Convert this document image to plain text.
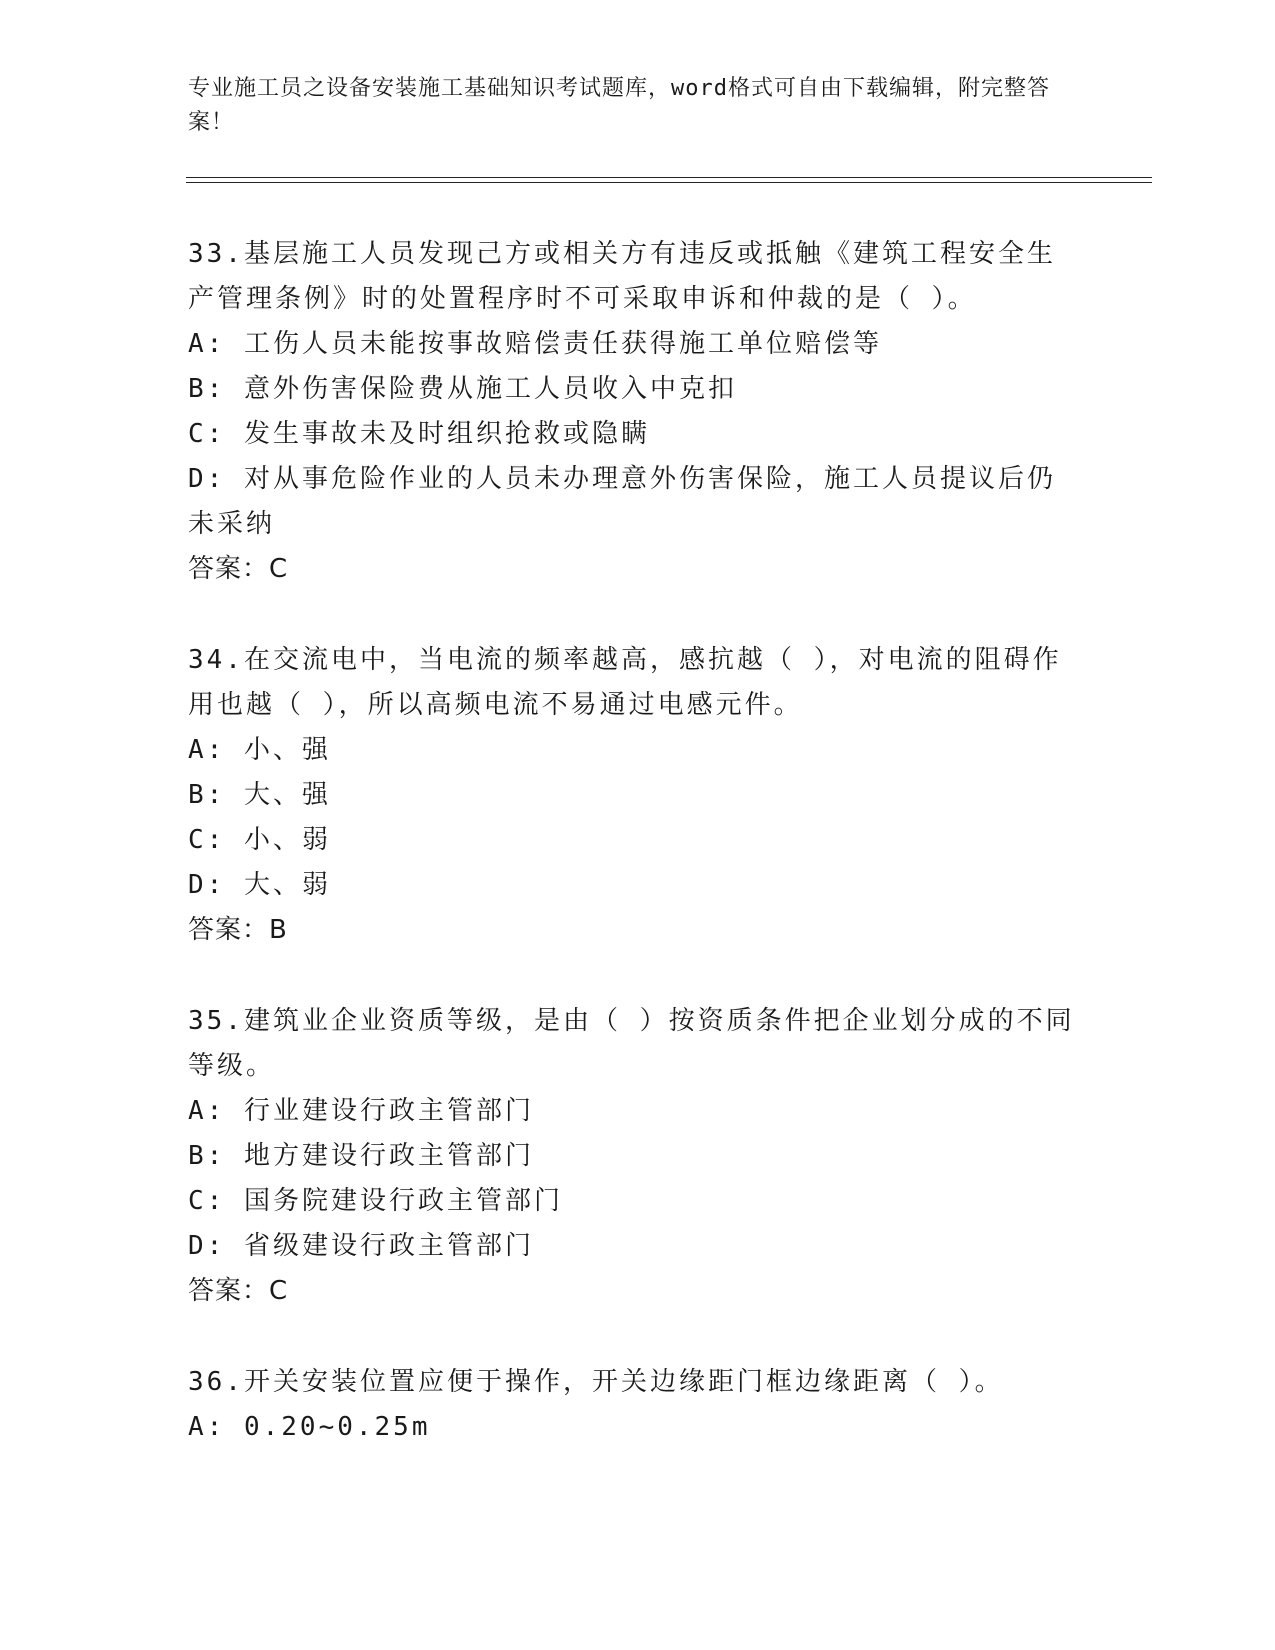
专业施工员之设备安装施工基础知识考试题库，word格式可自由下载编辑，附完整答案！

33.基层施工人员发现己方或相关方有违反或抵触《建筑工程安全生产管理条例》时的处置程序时不可采取申诉和仲裁的是（ ）。

A: 工伤人员未能按事故赔偿责任获得施工单位赔偿等

B: 意外伤害保险费从施工人员收入中克扣

C: 发生事故未及时组织抢救或隐瞒

D: 对从事危险作业的人员未办理意外伤害保险，施工人员提议后仍未采纳

答案：C

34.在交流电中，当电流的频率越高，感抗越（ ），对电流的阻碍作用也越（ ），所以高频电流不易通过电感元件。

A: 小、强

B: 大、强

C: 小、弱

D: 大、弱

答案：B

35.建筑业企业资质等级，是由（ ）按资质条件把企业划分成的不同等级。

A: 行业建设行政主管部门

B: 地方建设行政主管部门

C: 国务院建设行政主管部门

D: 省级建设行政主管部门

答案：C

36.开关安装位置应便于操作，开关边缘距门框边缘距离（ ）。

A: 0.20~0.25m
